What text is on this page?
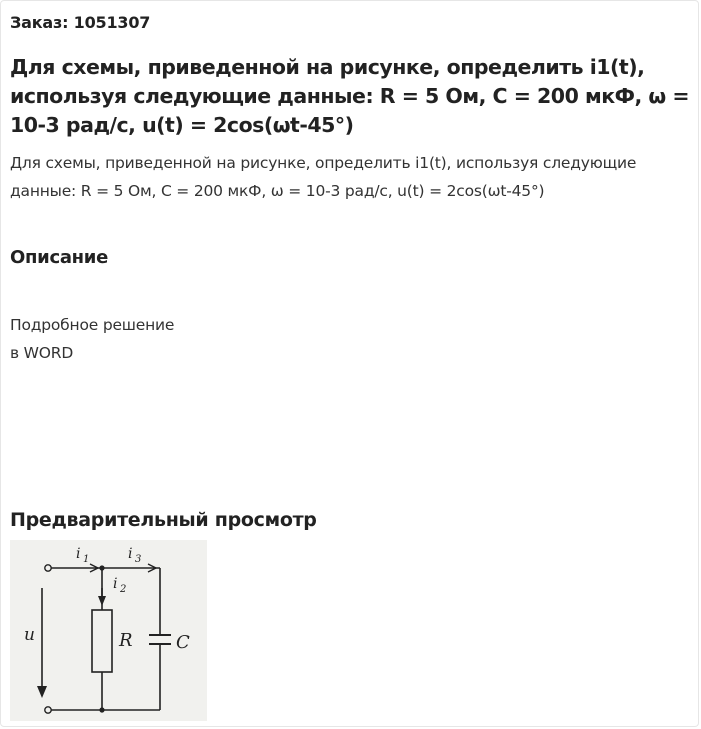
Заказ: 1051307
Для схемы, приведенной на рисунке, определить i1(t), используя следующие данные: R = 5 Ом, C = 200 мкФ, ω = 10-3 рад/с, u(t) = 2cos(ωt-45°)
Для схемы, приведенной на рисунке, определить i1(t), используя следующие данные: R = 5 Ом, C = 200 мкФ, ω = 10-3 рад/с, u(t) = 2cos(ωt-45°)
Описание
Подробное решение
в WORD
Предварительный просмотр
u
i 1
i 2
i 3
R C
